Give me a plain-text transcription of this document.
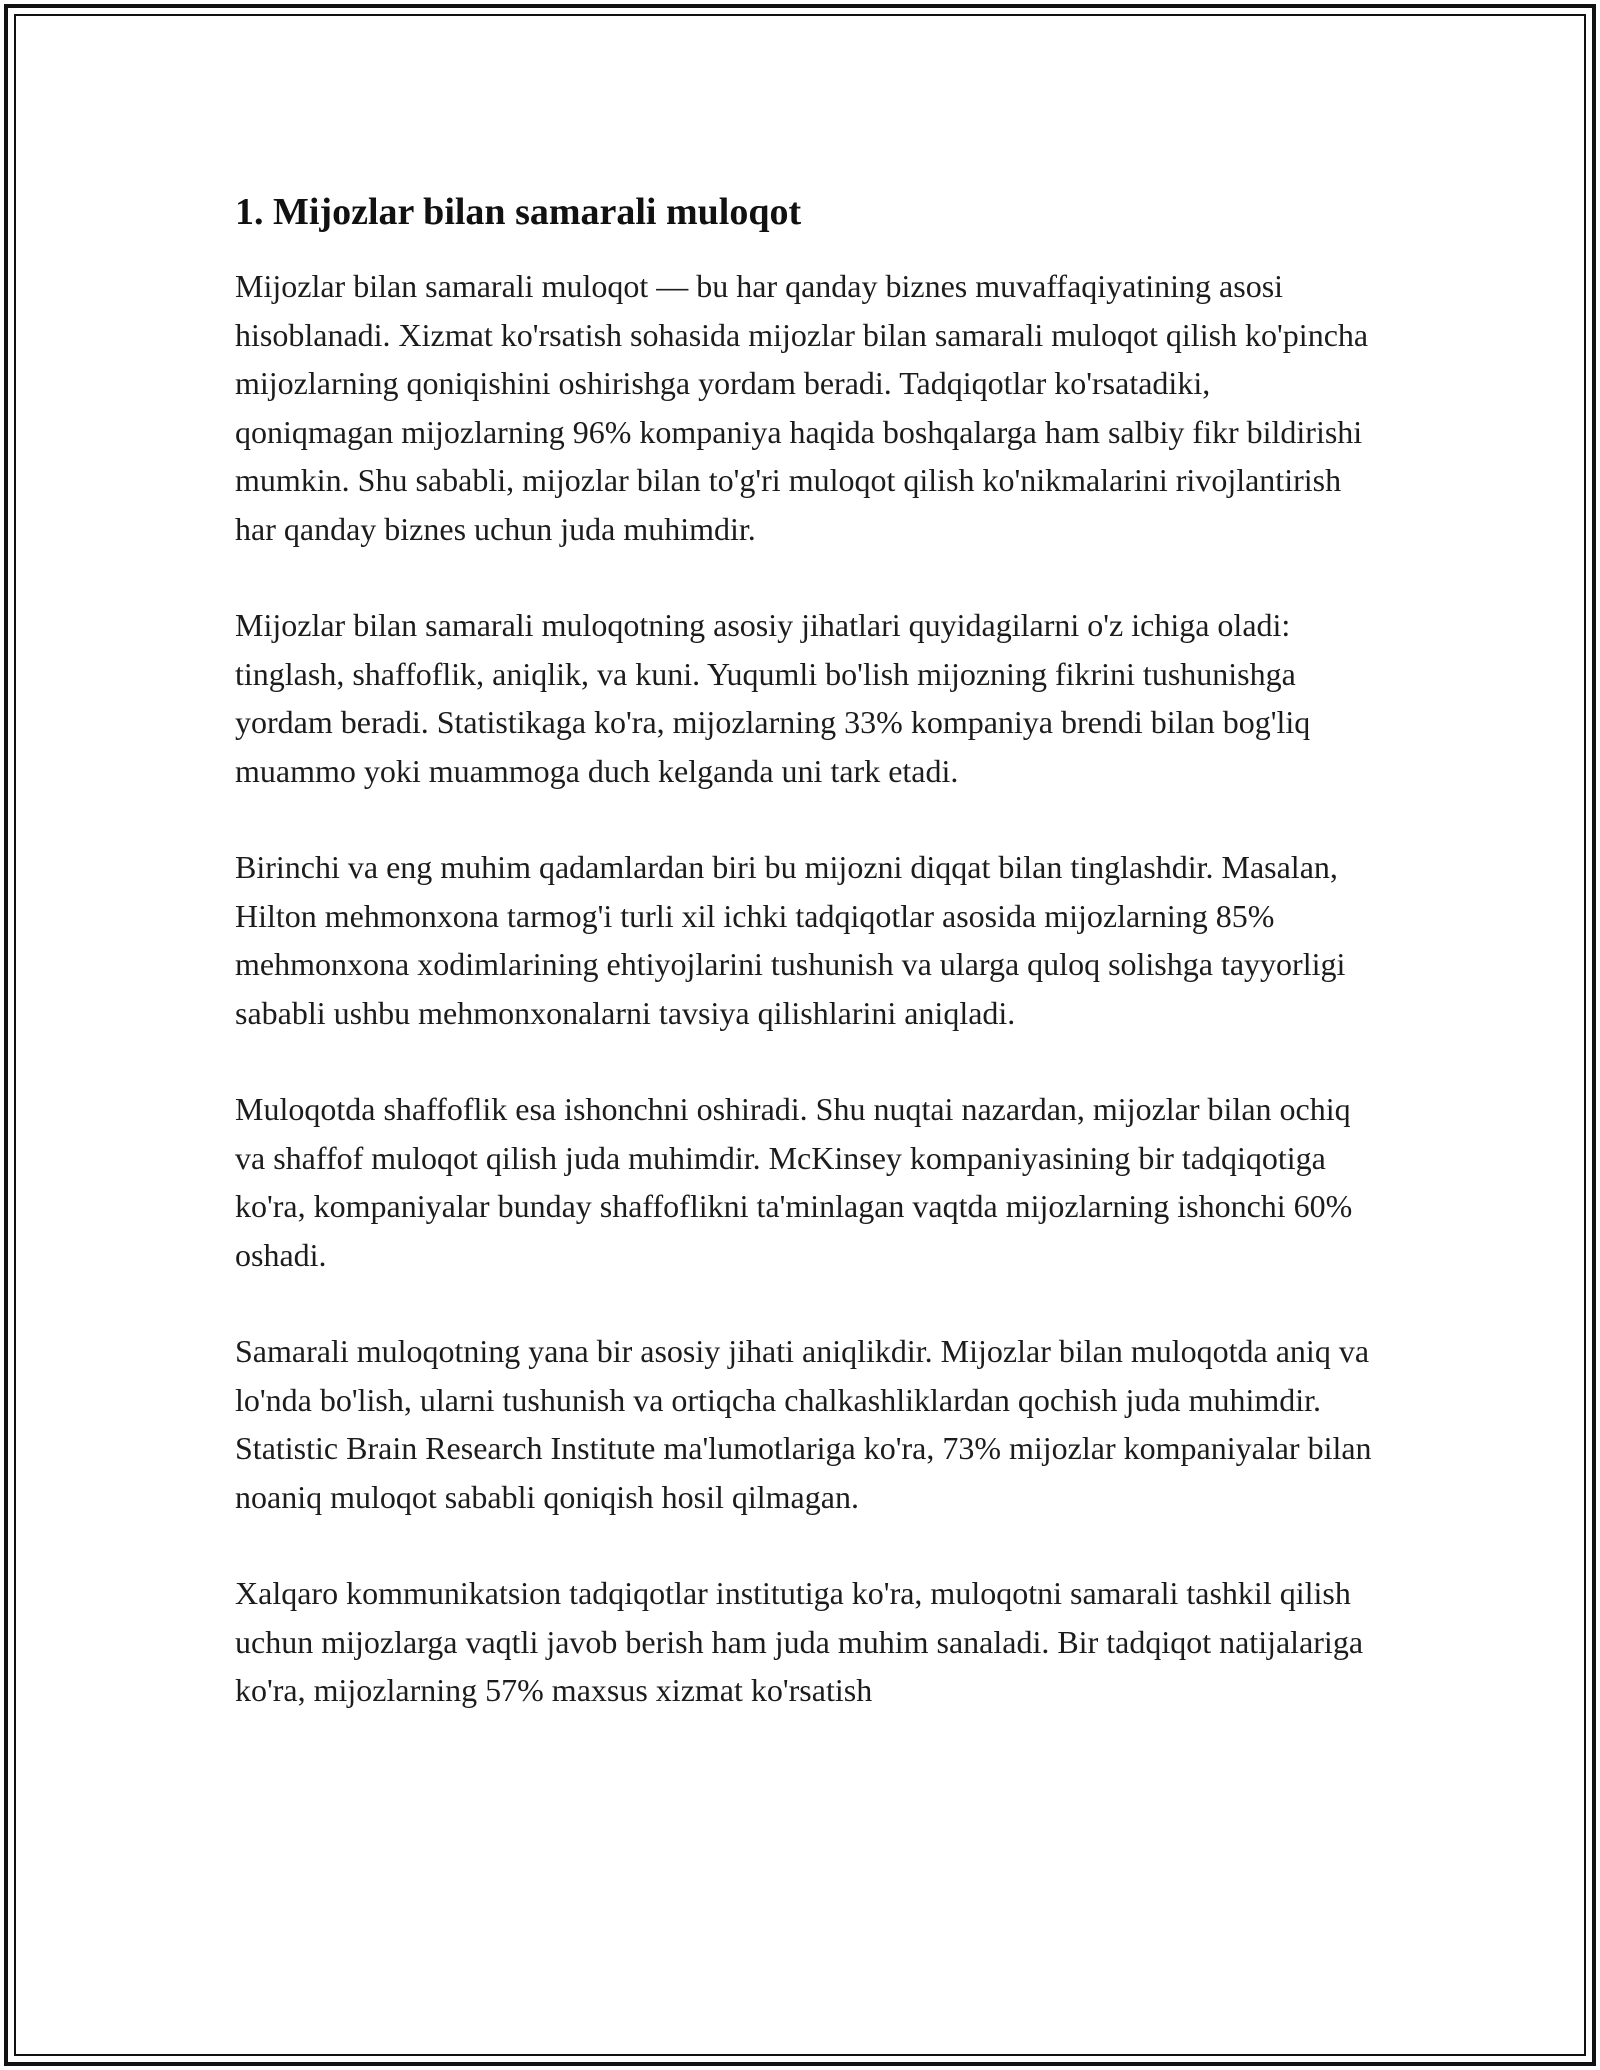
1. Mijozlar bilan samarali muloqot

Mijozlar bilan samarali muloqot — bu har qanday biznes muvaffaqiyatining asosi hisoblanadi. Xizmat ko'rsatish sohasida mijozlar bilan samarali muloqot qilish ko'pincha mijozlarning qoniqishini oshirishga yordam beradi. Tadqiqotlar ko'rsatadiki, qoniqmagan mijozlarning 96% kompaniya haqida boshqalarga ham salbiy fikr bildirishi mumkin. Shu sababli, mijozlar bilan to'g'ri muloqot qilish ko'nikmalarini rivojlantirish har qanday biznes uchun juda muhimdir.

Mijozlar bilan samarali muloqotning asosiy jihatlari quyidagilarni o'z ichiga oladi: tinglash, shaffoflik, aniqlik, va kuni. Yuqumli bo'lish mijozning fikrini tushunishga yordam beradi. Statistikaga ko'ra, mijozlarning 33% kompaniya brendi bilan bog'liq muammo yoki muammoga duch kelganda uni tark etadi.

Birinchi va eng muhim qadamlardan biri bu mijozni diqqat bilan tinglashdir. Masalan, Hilton mehmonxona tarmog'i turli xil ichki tadqiqotlar asosida mijozlarning 85% mehmonxona xodimlarining ehtiyojlarini tushunish va ularga quloq solishga tayyorligi sababli ushbu mehmonxonalarni tavsiya qilishlarini aniqladi.

Muloqotda shaffoflik esa ishonchni oshiradi. Shu nuqtai nazardan, mijozlar bilan ochiq va shaffof muloqot qilish juda muhimdir. McKinsey kompaniyasining bir tadqiqotiga ko'ra, kompaniyalar bunday shaffoflikni ta'minlagan vaqtda mijozlarning ishonchi 60% oshadi.

Samarali muloqotning yana bir asosiy jihati aniqlikdir. Mijozlar bilan muloqotda aniq va lo'nda bo'lish, ularni tushunish va ortiqcha chalkashliklardan qochish juda muhimdir. Statistic Brain Research Institute ma'lumotlariga ko'ra, 73% mijozlar kompaniyalar bilan noaniq muloqot sababli qoniqish hosil qilmagan.

Xalqaro kommunikatsion tadqiqotlar institutiga ko'ra, muloqotni samarali tashkil qilish uchun mijozlarga vaqtli javob berish ham juda muhim sanaladi. Bir tadqiqot natijalariga ko'ra, mijozlarning 57% maxsus xizmat ko'rsatish
